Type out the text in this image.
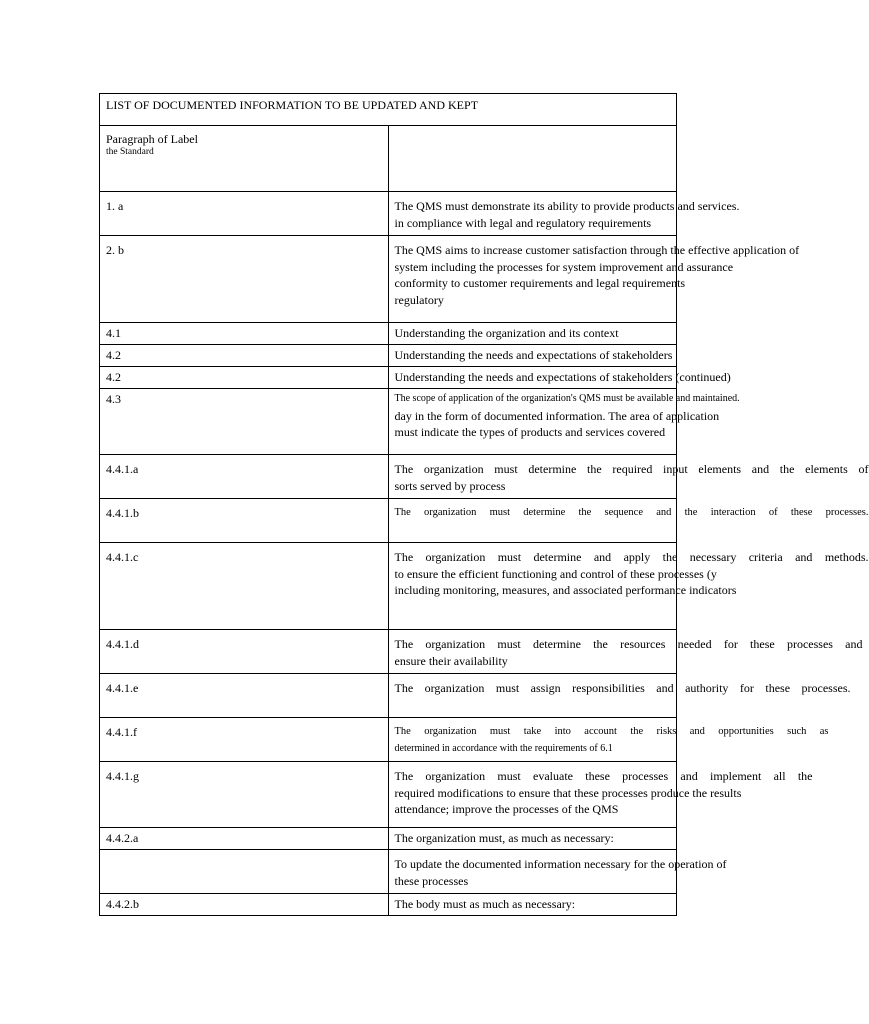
LIST OF DOCUMENTED INFORMATION TO BE UPDATED AND KEPT	

Paragraph of Label
the Standard	

1. a	The QMS must demonstrate its ability to provide products and services.
in compliance with legal and regulatory requirements

2. b	The QMS aims to increase customer satisfaction through the effective application of
system including the processes for system improvement and assurance
conformity to customer requirements and legal requirements
regulatory

4.1	Understanding the organization and its context

4.2	Understanding the needs and expectations of stakeholders

4.2	Understanding the needs and expectations of stakeholders (continued)

4.3	The scope of application of the organization's QMS must be available and maintained.
day in the form of documented information. The area of application
must indicate the types of products and services covered

4.4.1.a	The organization must determine the required input elements and the elements of
sorts served by process

4.4.1.b	The organization must determine the sequence and the interaction of these processes.

4.4.1.c	The organization must determine and apply the necessary criteria and methods.
to ensure the efficient functioning and control of these processes (y
including monitoring, measures, and associated performance indicators

4.4.1.d	The organization must determine the resources needed for these processes and
ensure their availability

4.4.1.e	The organization must assign responsibilities and authority for these processes.

4.4.1.f	The organization must take into account the risks and opportunities such as
determined in accordance with the requirements of 6.1

4.4.1.g	The organization must evaluate these processes and implement all the
required modifications to ensure that these processes produce the results
attendance; improve the processes of the QMS

4.4.2.a	The organization must, as much as necessary:

	To update the documented information necessary for the operation of
these processes

4.4.2.b	The body must as much as necessary:
